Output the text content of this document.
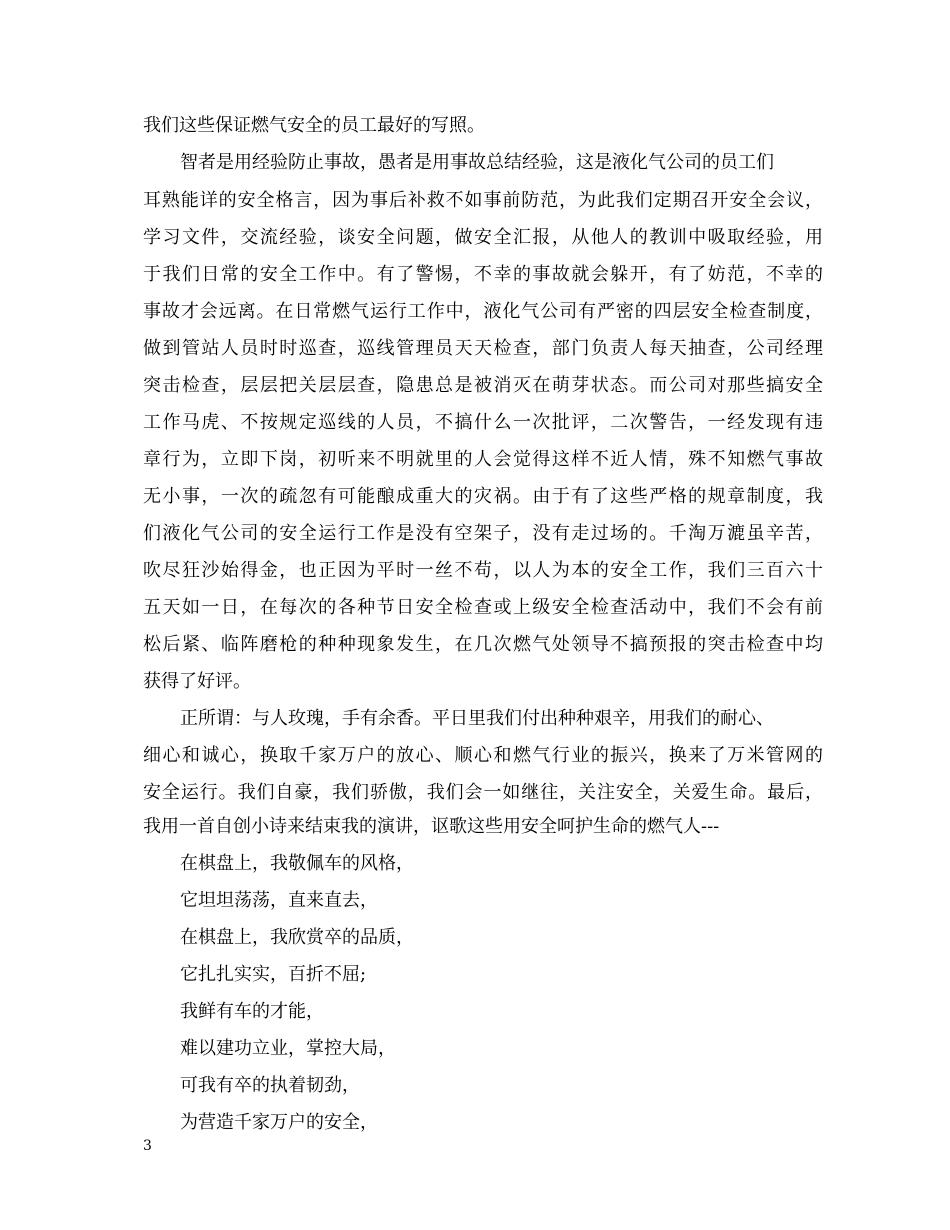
我们这些保证燃气安全的员工最好的写照。
智者是用经验防止事故，愚者是用事故总结经验，这是液化气公司的员工们
耳熟能详的安全格言，因为事后补救不如事前防范，为此我们定期召开安全会议，
学习文件，交流经验，谈安全问题，做安全汇报，从他人的教训中吸取经验，用
于我们日常的安全工作中。有了警惕，不幸的事故就会躲开，有了妨范，不幸的
事故才会远离。在日常燃气运行工作中，液化气公司有严密的四层安全检查制度，
做到管站人员时时巡查，巡线管理员天天检查，部门负责人每天抽查，公司经理
突击检查，层层把关层层查，隐患总是被消灭在萌芽状态。而公司对那些搞安全
工作马虎、不按规定巡线的人员，不搞什么一次批评，二次警告，一经发现有违
章行为，立即下岗，初听来不明就里的人会觉得这样不近人情，殊不知燃气事故
无小事，一次的疏忽有可能酿成重大的灾祸。由于有了这些严格的规章制度，我
们液化气公司的安全运行工作是没有空架子，没有走过场的。千淘万漉虽辛苦，
吹尽狂沙始得金，也正因为平时一丝不苟，以人为本的安全工作，我们三百六十
五天如一日，在每次的各种节日安全检查或上级安全检查活动中，我们不会有前
松后紧、临阵磨枪的种种现象发生，在几次燃气处领导不搞预报的突击检查中均
获得了好评。
正所谓：与人玫瑰，手有余香。平日里我们付出种种艰辛，用我们的耐心、
细心和诚心，换取千家万户的放心、顺心和燃气行业的振兴，换来了万米管网的
安全运行。我们自豪，我们骄傲，我们会一如继往，关注安全，关爱生命。最后，
我用一首自创小诗来结束我的演讲，讴歌这些用安全呵护生命的燃气人---
在棋盘上，我敬佩车的风格，
它坦坦荡荡，直来直去，
在棋盘上，我欣赏卒的品质，
它扎扎实实，百折不屈;
我鲜有车的才能，
难以建功立业，掌控大局，
可我有卒的执着韧劲，
为营造千家万户的安全，
3
